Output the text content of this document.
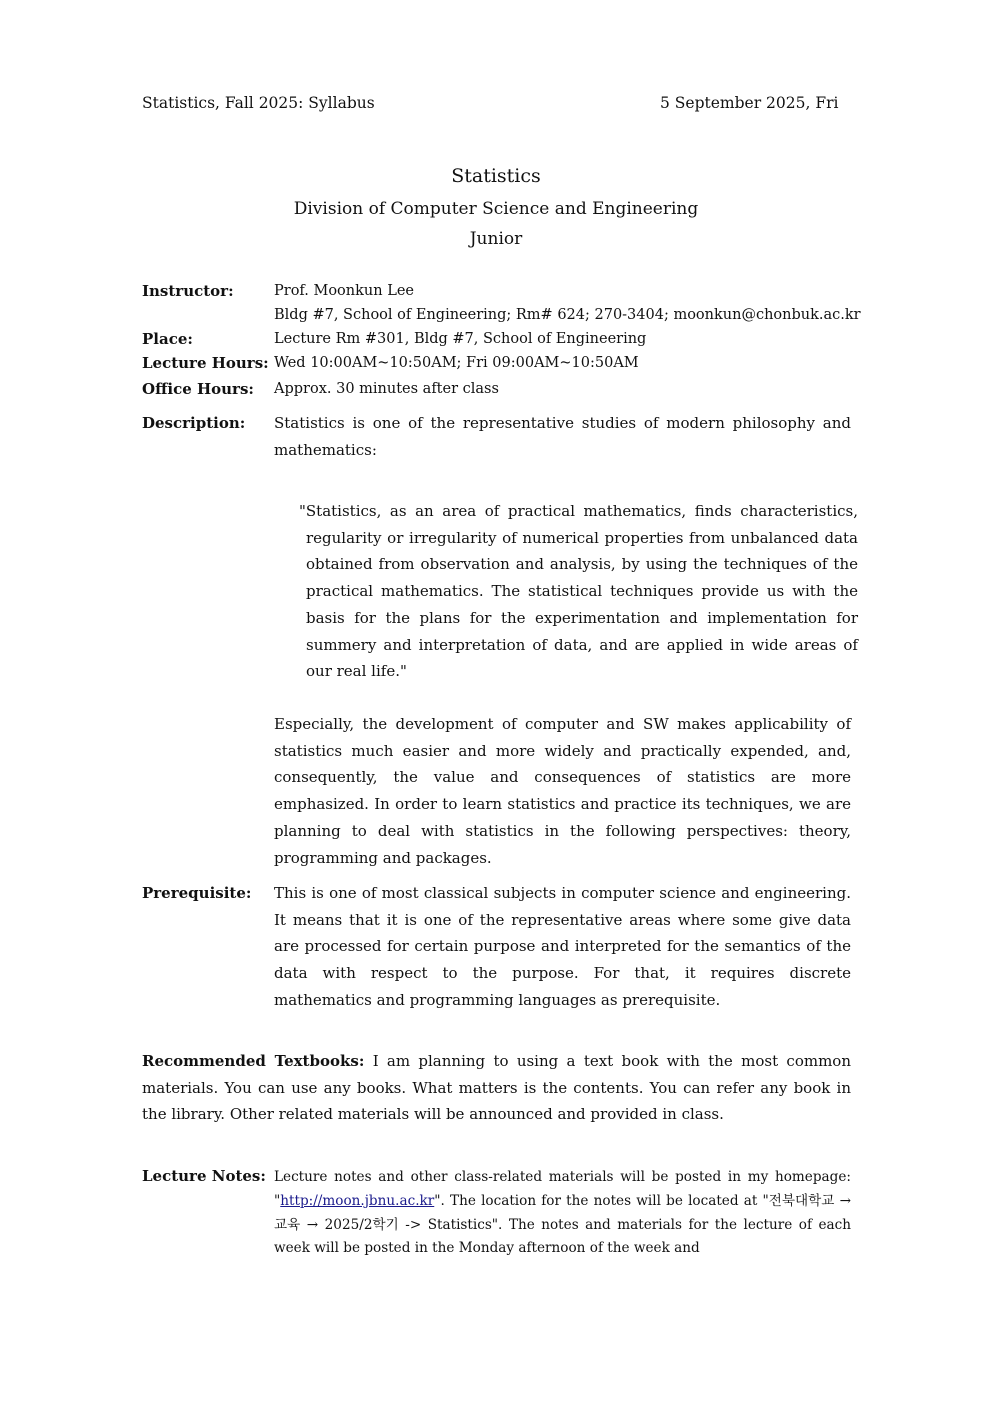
Statistics, Fall 2025: Syllabus	5 September 2025, Fri
Statistics
Division of Computer Science and Engineering
Junior
Instructor:	Prof. Moonkun Lee
Bldg #7, School of Engineering; Rm# 624; 270-3404; moonkun@chonbuk.ac.kr
Place:	Lecture Rm #301, Bldg #7, School of Engineering
Lecture Hours: Wed 10:00AM~10:50AM; Fri 09:00AM~10:50AM
Office Hours: Approx. 30 minutes after class
Description: Statistics is one of the representative studies of modern philosophy and mathematics:

"Statistics, as an area of practical mathematics, finds characteristics, regularity or irregularity of numerical properties from unbalanced data obtained from observation and analysis, by using the techniques of the practical mathematics. The statistical techniques provide us with the basis for the plans for the experimentation and implementation for summery and interpretation of data, and are applied in wide areas of our real life."

Especially, the development of computer and SW makes applicability of statistics much easier and more widely and practically expended, and, consequently, the value and consequences of statistics are more emphasized. In order to learn statistics and practice its techniques, we are planning to deal with statistics in the following perspectives: theory, programming and packages.

Prerequisite: This is one of most classical subjects in computer science and engineering. It means that it is one of the representative areas where some give data are processed for certain purpose and interpreted for the semantics of the data with respect to the purpose. For that, it requires discrete mathematics and programming languages as prerequisite.

Recommended Textbooks: I am planning to using a text book with the most common materials. You can use any books. What matters is the contents. You can refer any book in the library. Other related materials will be announced and provided in class.

Lecture Notes: Lecture notes and other class-related materials will be posted in my homepage: "http://moon.jbnu.ac.kr". The location for the notes will be located at "전북대학교 → 교육 → 2025/2학기 -> Statistics". The notes and materials for the lecture of each week will be posted in the Monday afternoon of the week and
